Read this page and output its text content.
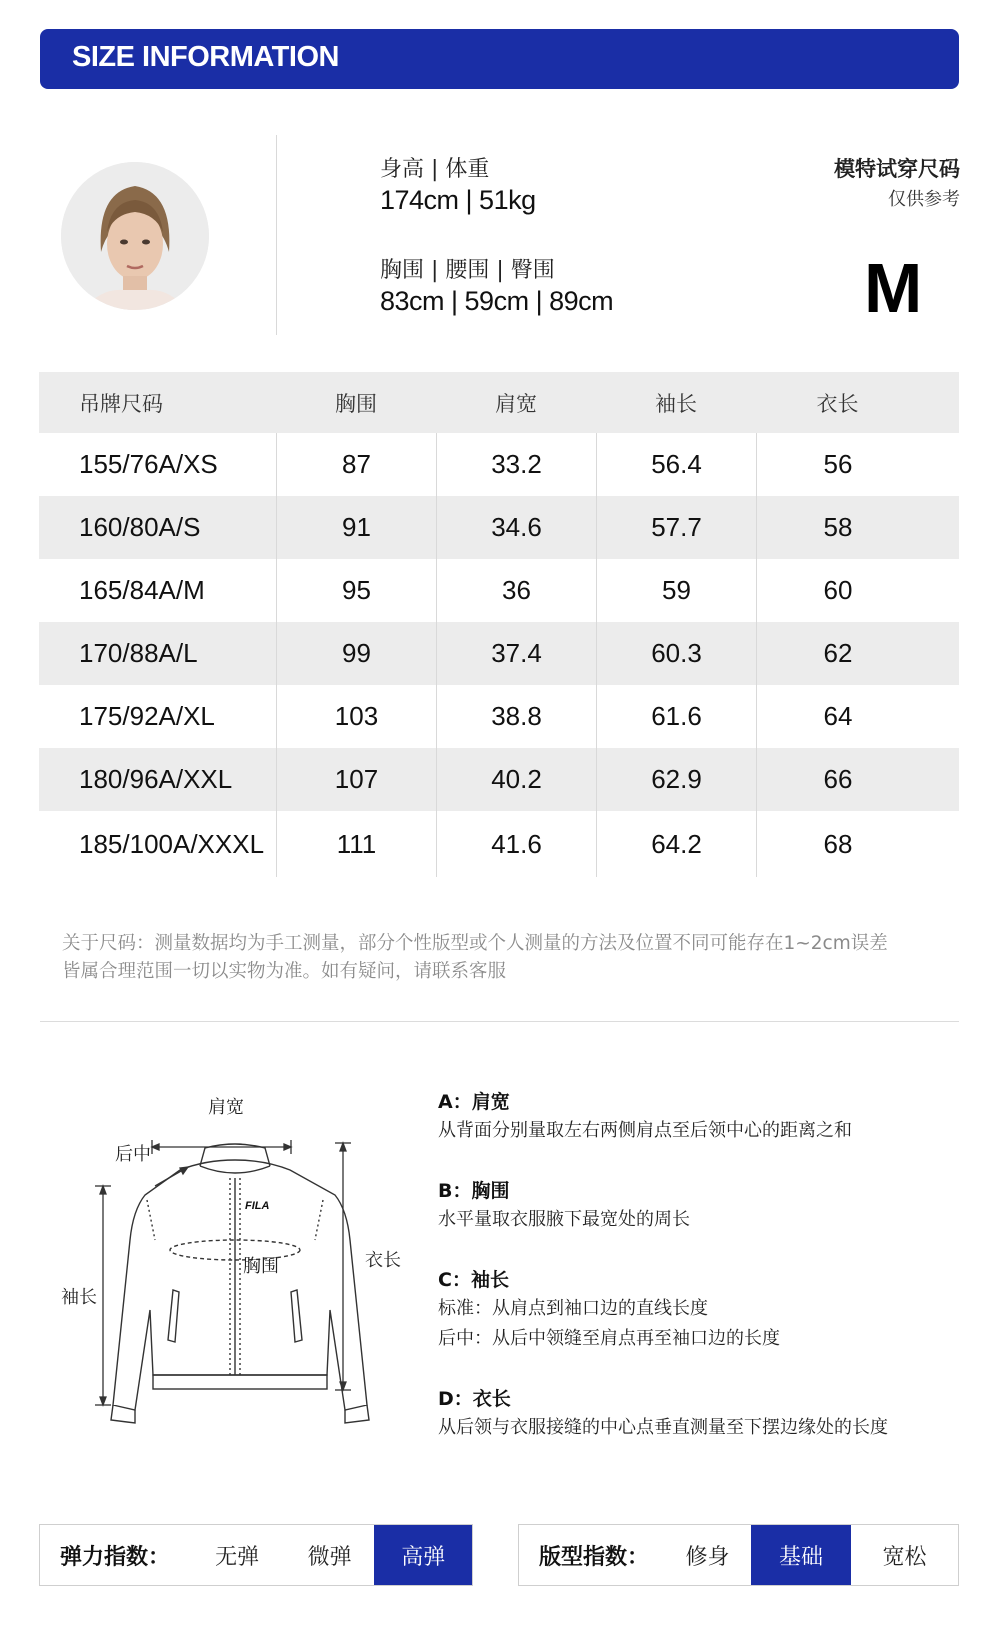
SIZE INFORMATION
身高 | 体重
174cm | 51kg
胸围 | 腰围 | 臀围
83cm | 59cm | 89cm
模特试穿尺码
仅供参考
M
吊牌尺码	胸围	肩宽	袖长	衣长
155/76A/XS	87	33.2	56.4	56
160/80A/S	91	34.6	57.7	58
165/84A/M	95	36	59	60
170/88A/L	99	37.4	60.3	62
175/92A/XL	103	38.8	61.6	64
180/96A/XXL	107	40.2	62.9	66
185/100A/XXXL	111	41.6	64.2	68
关于尺码：测量数据均为手工测量，部分个性版型或个人测量的方法及位置不同可能存在1~2cm误差
皆属合理范围一切以实物为准。如有疑问，请联系客服
肩宽
后中
袖长
胸围	衣长
FILA
A：肩宽
从背面分别量取左右两侧肩点至后领中心的距离之和
B：胸围
水平量取衣服腋下最宽处的周长
C：袖长
标准：从肩点到袖口边的直线长度
后中：从后中领缝至肩点再至袖口边的长度
D：衣长
从后领与衣服接缝的中心点垂直测量至下摆边缘处的长度
弹力指数：	无弹	微弹	高弹	版型指数：	修身	基础	宽松
